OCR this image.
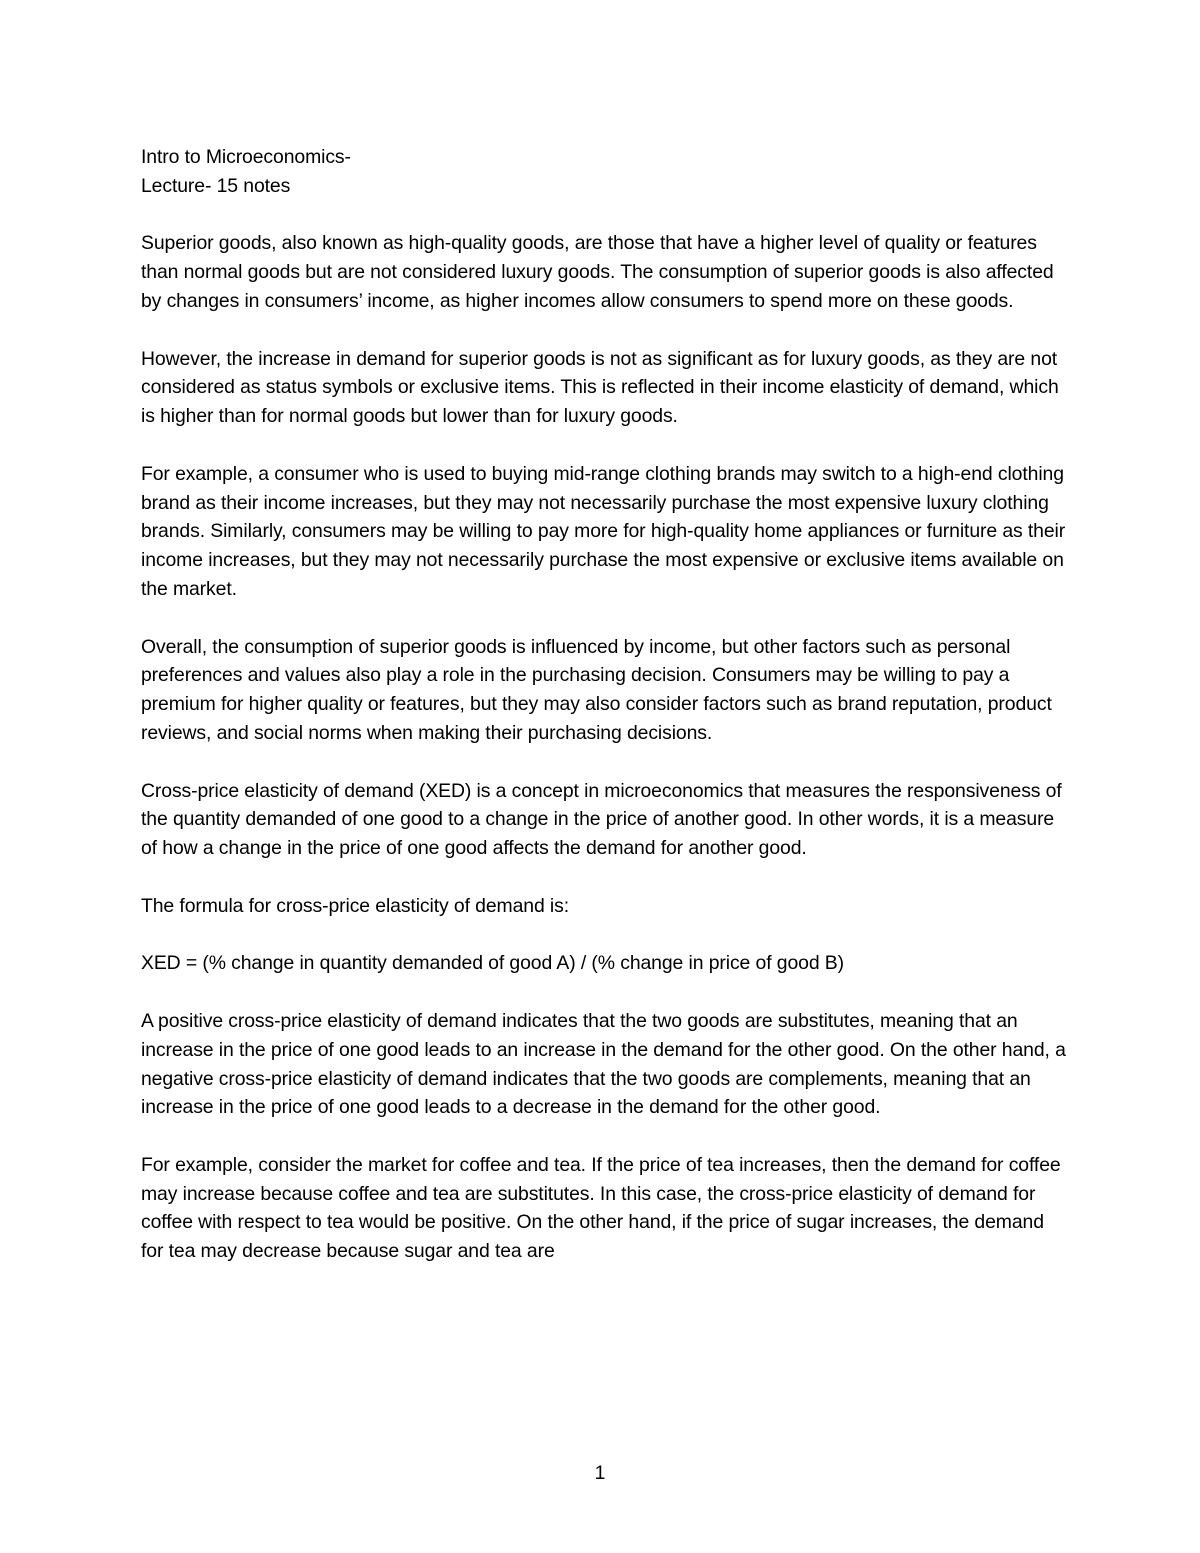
Intro to Microeconomics-

Lecture- 15 notes

Superior goods, also known as high-quality goods, are those that have a higher level of quality or features than normal goods but are not considered luxury goods. The consumption of superior goods is also affected by changes in consumers’ income, as higher incomes allow consumers to spend more on these goods.

However, the increase in demand for superior goods is not as significant as for luxury goods, as they are not considered as status symbols or exclusive items. This is reflected in their income elasticity of demand, which is higher than for normal goods but lower than for luxury goods.

For example, a consumer who is used to buying mid-range clothing brands may switch to a high-end clothing brand as their income increases, but they may not necessarily purchase the most expensive luxury clothing brands. Similarly, consumers may be willing to pay more for high-quality home appliances or furniture as their income increases, but they may not necessarily purchase the most expensive or exclusive items available on the market.

Overall, the consumption of superior goods is influenced by income, but other factors such as personal preferences and values also play a role in the purchasing decision. Consumers may be willing to pay a premium for higher quality or features, but they may also consider factors such as brand reputation, product reviews, and social norms when making their purchasing decisions.

Cross-price elasticity of demand (XED) is a concept in microeconomics that measures the responsiveness of the quantity demanded of one good to a change in the price of another good. In other words, it is a measure of how a change in the price of one good affects the demand for another good.

The formula for cross-price elasticity of demand is:

XED = (% change in quantity demanded of good A) / (% change in price of good B)

A positive cross-price elasticity of demand indicates that the two goods are substitutes, meaning that an increase in the price of one good leads to an increase in the demand for the other good. On the other hand, a negative cross-price elasticity of demand indicates that the two goods are complements, meaning that an increase in the price of one good leads to a decrease in the demand for the other good.

For example, consider the market for coffee and tea. If the price of tea increases, then the demand for coffee may increase because coffee and tea are substitutes. In this case, the cross-price elasticity of demand for coffee with respect to tea would be positive. On the other hand, if the price of sugar increases, the demand for tea may decrease because sugar and tea are

1
